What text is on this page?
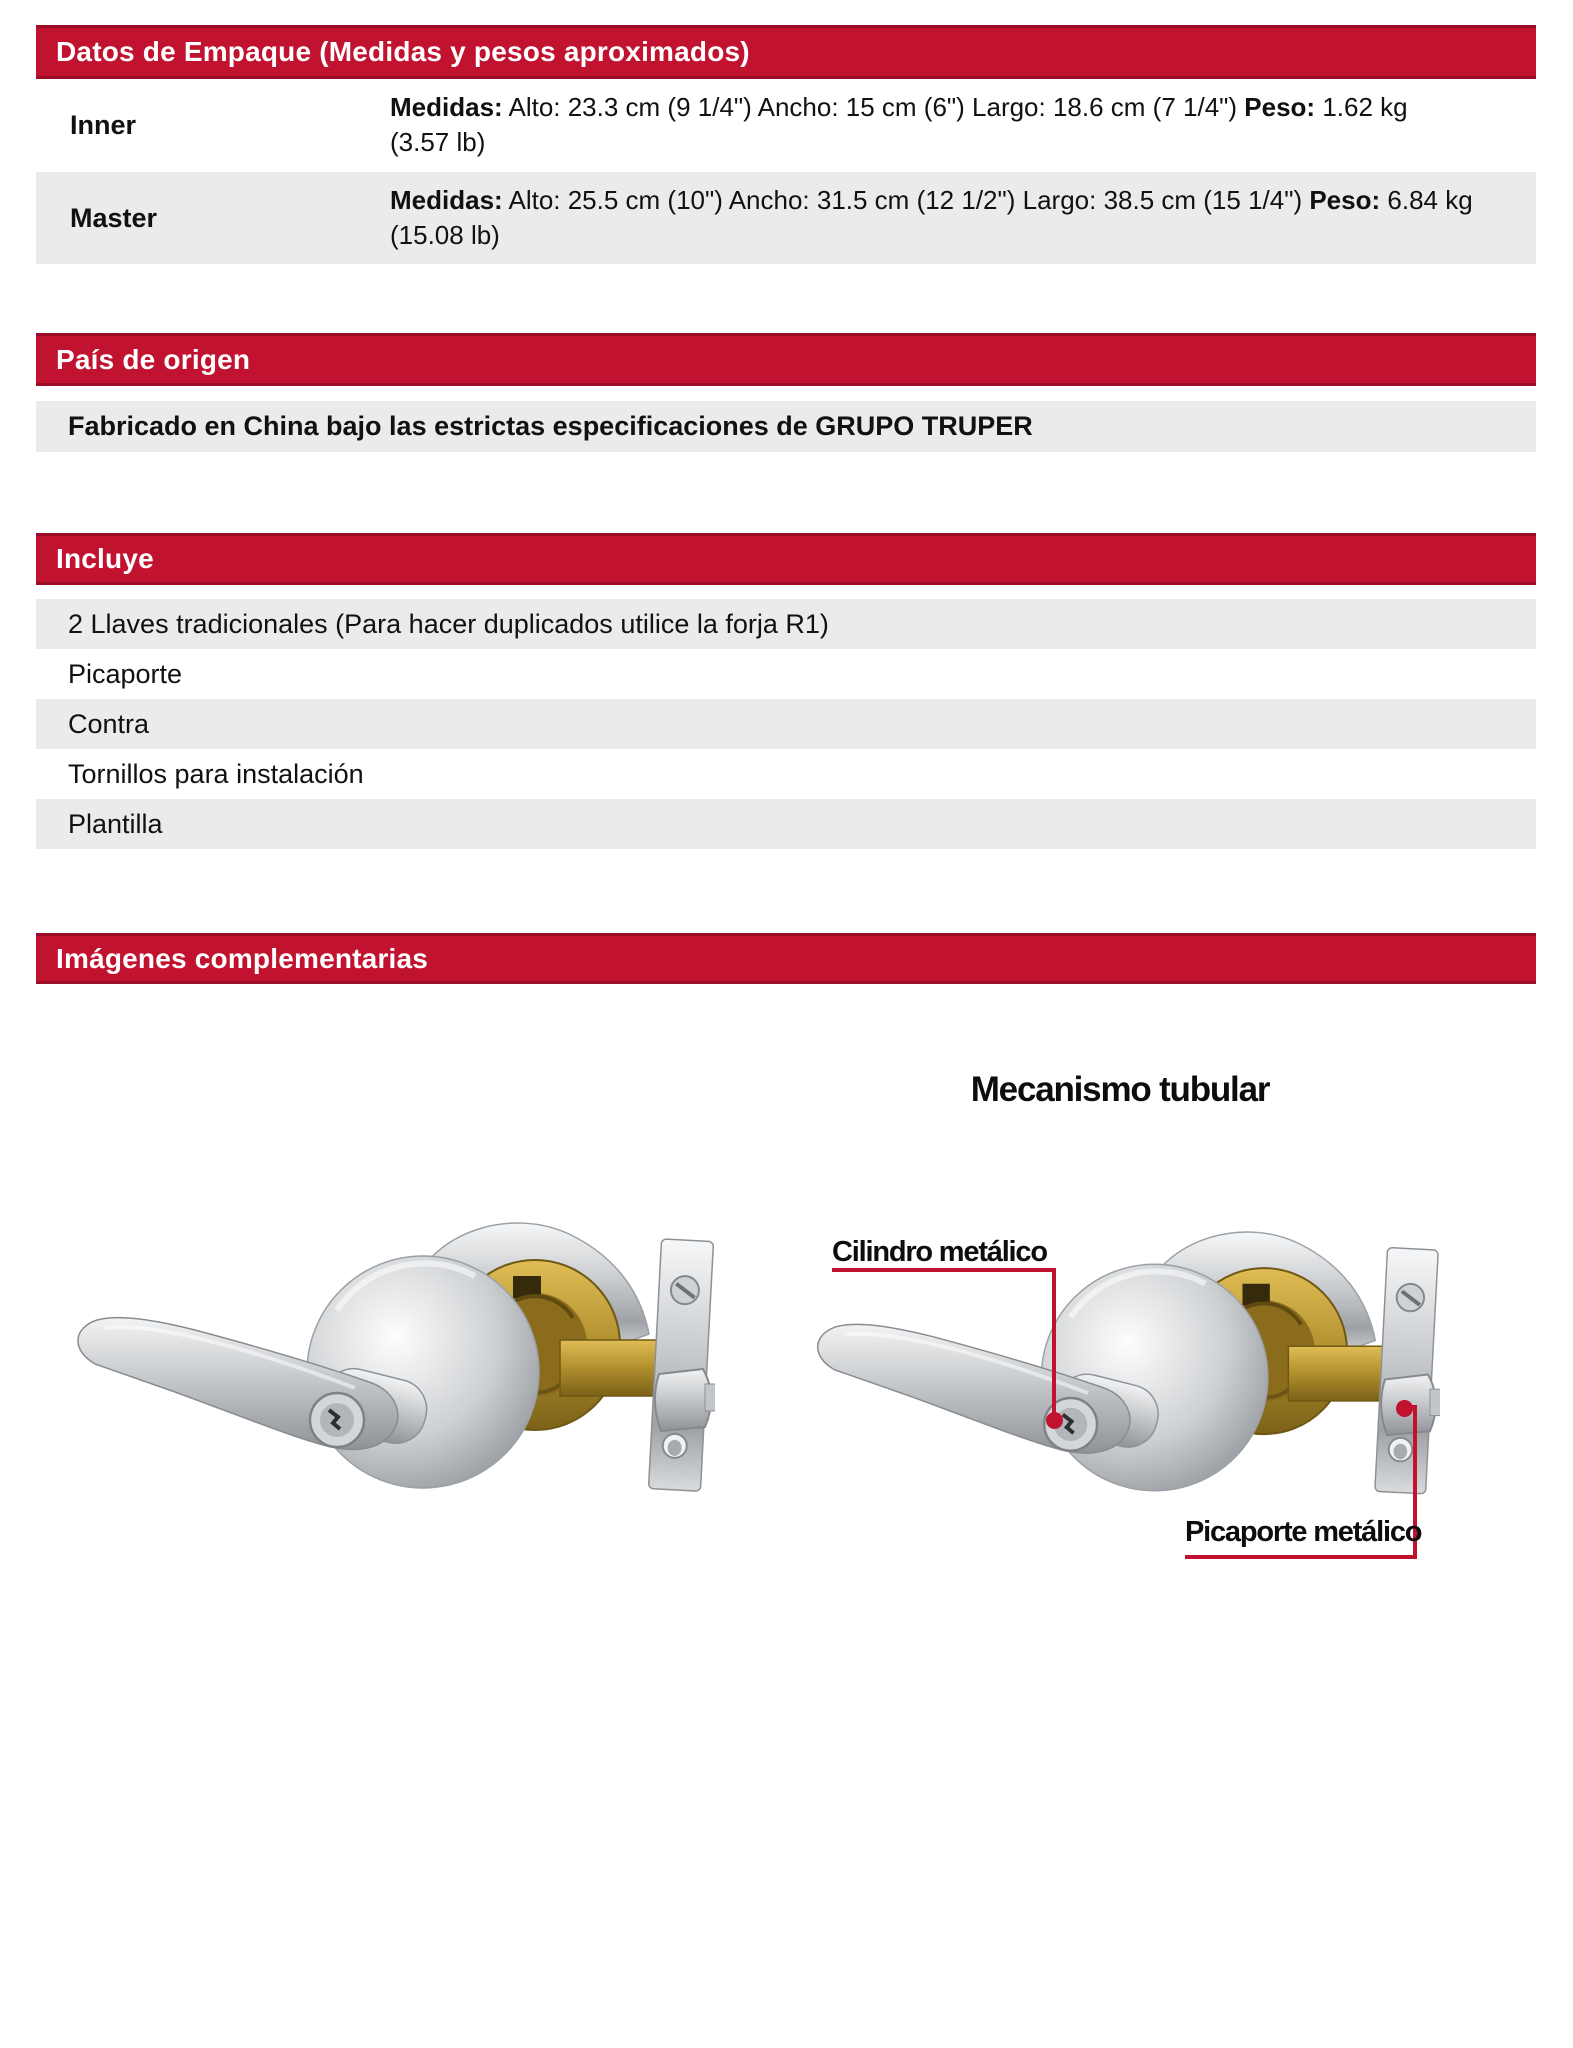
Datos de Empaque (Medidas y pesos aproximados)
Inner
Medidas: Alto: 23.3 cm (9 1/4") Ancho: 15 cm (6") Largo: 18.6 cm (7 1/4") Peso: 1.62 kg
(3.57 lb)
Master
Medidas: Alto: 25.5 cm (10") Ancho: 31.5 cm (12 1/2") Largo: 38.5 cm (15 1/4") Peso: 6.84 kg
(15.08 lb)
País de origen
Fabricado en China bajo las estrictas especificaciones de GRUPO TRUPER
Incluye
2 Llaves tradicionales (Para hacer duplicados utilice la forja R1)
Picaporte
Contra
Tornillos para instalación
Plantilla
Imágenes complementarias
Mecanismo tubular
Cilindro metálico
Picaporte metálico
